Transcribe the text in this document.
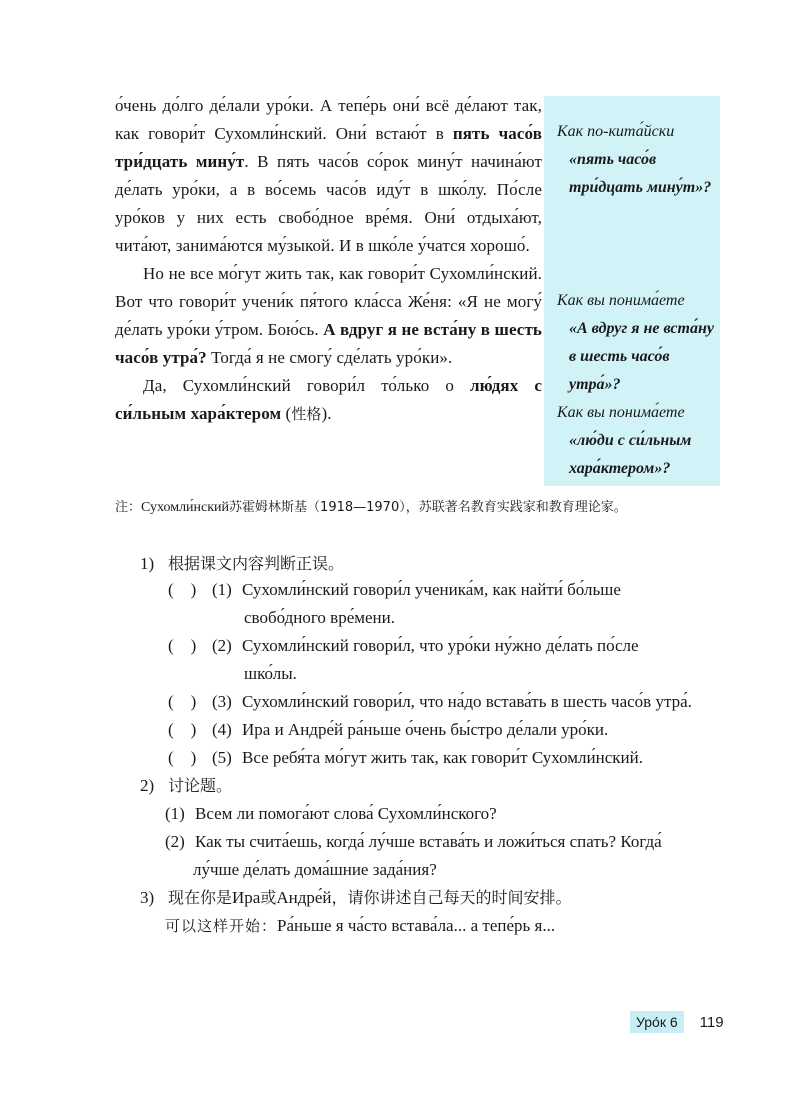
о́чень до́лго де́лали уро́ки. А тепе́рь они́ всё де́лают так, как говори́т Сухомли́нский. Они́ встаю́т в пять часо́в три́дцать мину́т. В пять часо́в со́рок мину́т начина́ют де́лать уро́ки, а в во́семь часо́в иду́т в шко́лу. По́сле уро́ков у них есть свобо́дное вре́мя. Они́ отдыха́ют, чита́ют, занима́ются му́зыкой. И в шко́ле у́чатся хорошо́.

Но не все мо́гут жить так, как говори́т Сухомли́нский. Вот что говори́т учени́к пя́того кла́сса Же́ня: «Я не могу́ де́лать уро́ки у́тром. Бою́сь. А вдруг я не вста́ну в шесть часо́в утра́? Тогда́ я не смогу́ сде́лать уро́ки».

Да, Сухомли́нский говори́л то́лько о лю́дях с си́льным хара́ктером (性格).

Как по-кита́йски
«пять часо́в три́дцать мину́т»?
Как вы понима́ете
«А вдруг я не вста́ну в шесть часо́в утра́»?
Как вы понима́ете
«лю́ди с си́льным хара́ктером»?
注：Сухомли́нский苏霍姆林斯基（1918—1970），苏联著名教育实践家和教育理论家。
1) 根据课文内容判断正误。
(　) (1) Сухомли́нский говори́л ученика́м, как найти́ бо́льше
свобо́дного вре́мени.
(　) (2) Сухомли́нский говори́л, что уро́ки ну́жно де́лать по́сле
шко́лы.
(　) (3) Сухомли́нский говори́л, что на́до встава́ть в шесть часо́в утра́.
(　) (4) Ира и Андре́й ра́ньше о́чень бы́стро де́лали уро́ки.
(　) (5) Все ребя́та мо́гут жить так, как говори́т Сухомли́нский.
2) 讨论题。
(1) Всем ли помога́ют слова́ Сухомли́нского?
(2) Как ты счита́ешь, когда́ лу́чше встава́ть и ложи́ться спать? Когда́
лу́чше де́лать дома́шние зада́ния?
3) 现在你是Ира或Андре́й，请你讲述自己每天的时间安排。
可以这样开始：Ра́ньше я ча́сто встава́ла... а тепе́рь я...
Уро́к 6	119
